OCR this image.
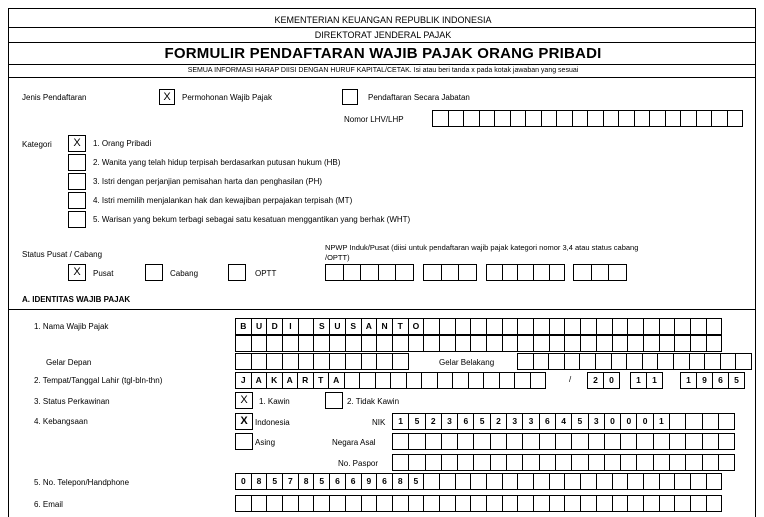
KEMENTERIAN KEUANGAN REPUBLIK INDONESIA
DIREKTORAT JENDERAL PAJAK
FORMULIR PENDAFTARAN WAJIB PAJAK ORANG PRIBADI
SEMUA INFORMASI HARAP DIISI DENGAN HURUF KAPITAL/CETAK. Isi atau beri tanda x pada kotak jawaban yang sesuai
Jenis Pendaftaran	X	Permohonan Wajib Pajak	Pendaftaran Secara Jabatan
Nomor LHV/LHP
Kategori	X	1. Orang Pribadi
2. Wanita yang telah hidup terpisah berdasarkan putusan hukum (HB)
3. Istri dengan perjanjian pemisahan harta dan penghasilan (PH)
4. Istri memilih menjalankan hak dan kewajiban perpajakan terpisah (MT)
5. Warisan yang bekum terbagi sebagai satu kesatuan menggantikan yang berhak (WHT)
NPWP Induk/Pusat (diisi untuk pendaftaran wajib pajak kategori nomor 3,4 atau status cabang /OPTT)
Status Pusat / Cabang
X	Pusat	Cabang	OPTT
A. IDENTITAS WAJIB PAJAK
1. Nama Wajib Pajak	B	U	D	I	S	U	S	A	N	T	O
Gelar Depan	Gelar Belakang
2. Tempat/Tanggal Lahir (tgl-bln-thn)	J	A	K	A	R	T	A	/	2	0	1	1	1	9	6	5
3. Status Perkawinan	X	1. Kawin	2. Tidak Kawin
4. Kebangsaan	X Indonesia	NIK	1	5	2	3	6	5	2	3	3	6	4	5	3	0	0	0	1
Asing	Negara Asal
No. Paspor
5. No. Telepon/Handphone	0	8	5	7	8	5	6	6	9	6	8	5
6. Email
